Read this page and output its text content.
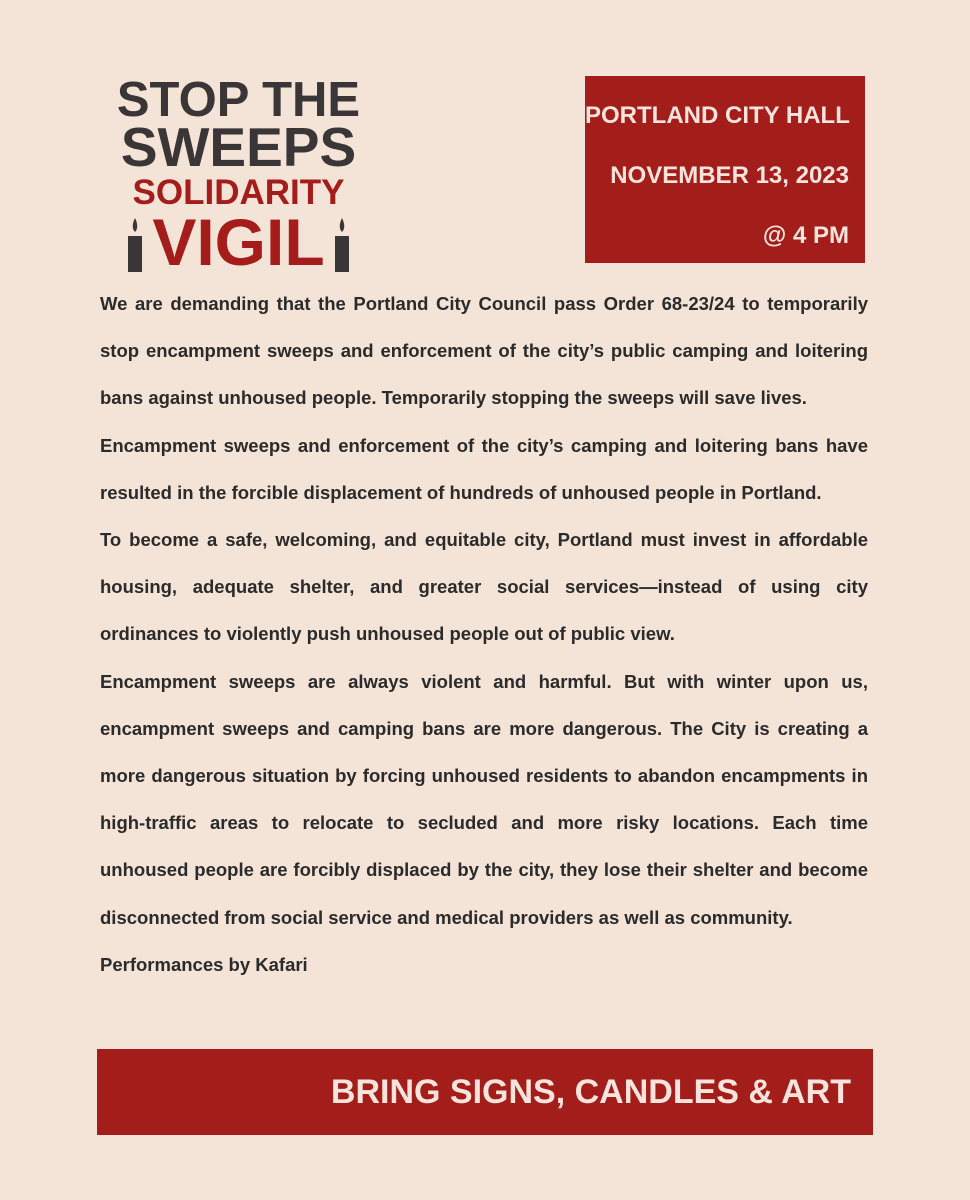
STOP THE
SWEEPS
SOLIDARITY
VIGIL
PORTLAND CITY HALL
NOVEMBER 13, 2023
@ 4 PM

We are demanding that the Portland City Council pass Order 68-23/24 to temporarily stop encampment sweeps and enforcement of the city’s public camping and loitering bans against unhoused people. Temporarily stopping the sweeps will save lives.

Encampment sweeps and enforcement of the city’s camping and loitering bans have resulted in the forcible displacement of hundreds of unhoused people in Portland.

To become a safe, welcoming, and equitable city, Portland must invest in affordable housing, adequate shelter, and greater social services—instead of using city ordinances to violently push unhoused people out of public view.

Encampment sweeps are always violent and harmful. But with winter upon us, encampment sweeps and camping bans are more dangerous. The City is creating a more dangerous situation by forcing unhoused residents to abandon encampments in high-traffic areas to relocate to secluded and more risky locations. Each time unhoused people are forcibly displaced by the city, they lose their shelter and become disconnected from social service and medical providers as well as community.

Performances by Kafari

BRING SIGNS, CANDLES & ART
